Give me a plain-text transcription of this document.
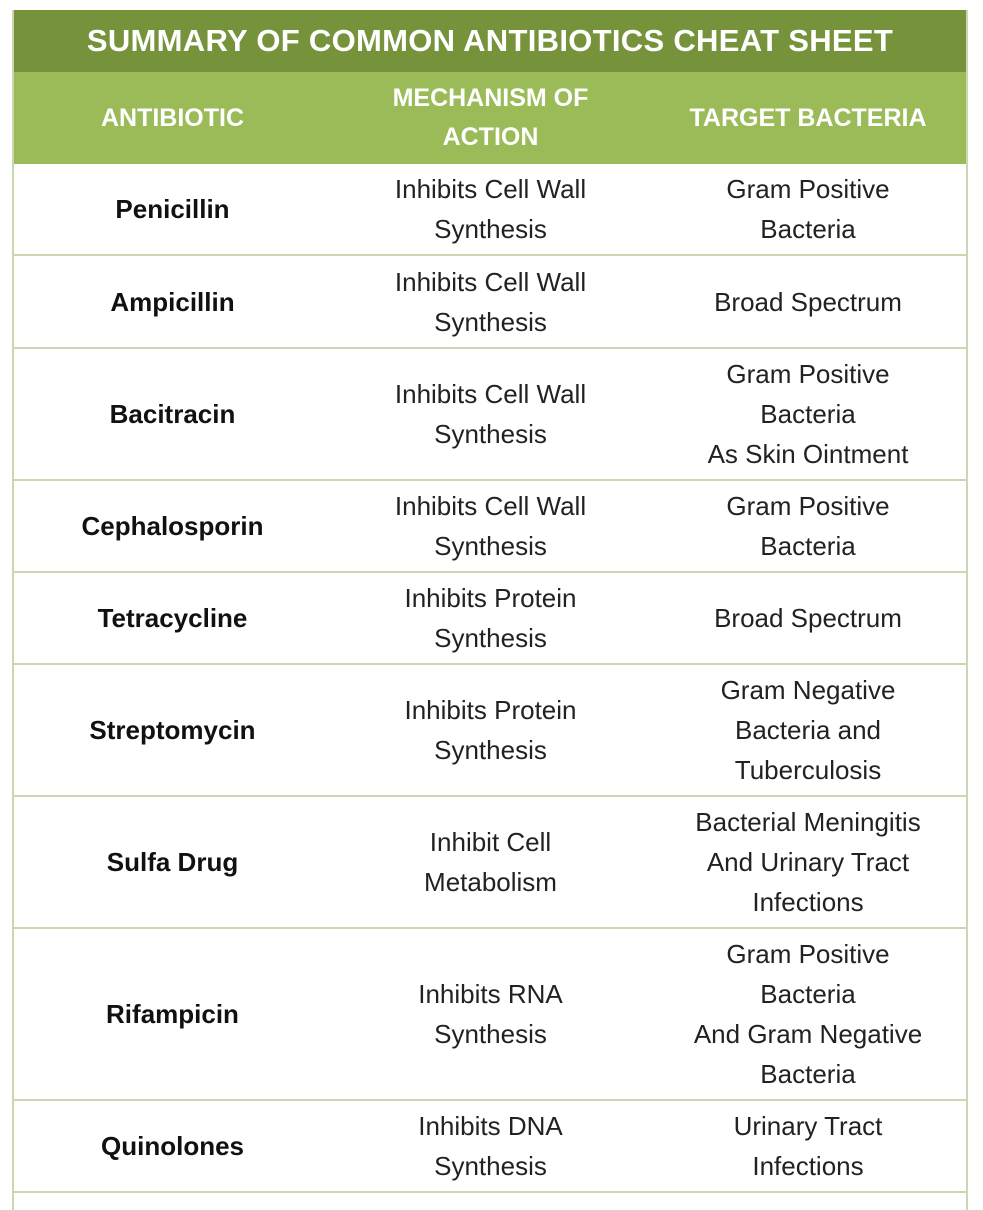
SUMMARY OF COMMON ANTIBIOTICS CHEAT SHEET
ANTIBIOTIC
MECHANISM OF
ACTION
TARGET BACTERIA
Penicillin
Inhibits Cell Wall
Synthesis
Gram Positive
Bacteria
Ampicillin
Inhibits Cell Wall
Synthesis
Broad Spectrum
Bacitracin
Inhibits Cell Wall
Synthesis
Gram Positive
Bacteria
As Skin Ointment
Cephalosporin
Inhibits Cell Wall
Synthesis
Gram Positive
Bacteria
Tetracycline
Inhibits Protein
Synthesis
Broad Spectrum
Streptomycin
Inhibits Protein
Synthesis
Gram Negative
Bacteria and
Tuberculosis
Sulfa Drug
Inhibit Cell
Metabolism
Bacterial Meningitis
And Urinary Tract
Infections
Rifampicin
Inhibits RNA
Synthesis
Gram Positive
Bacteria
And Gram Negative
Bacteria
Quinolones
Inhibits DNA
Synthesis
Urinary Tract
Infections
